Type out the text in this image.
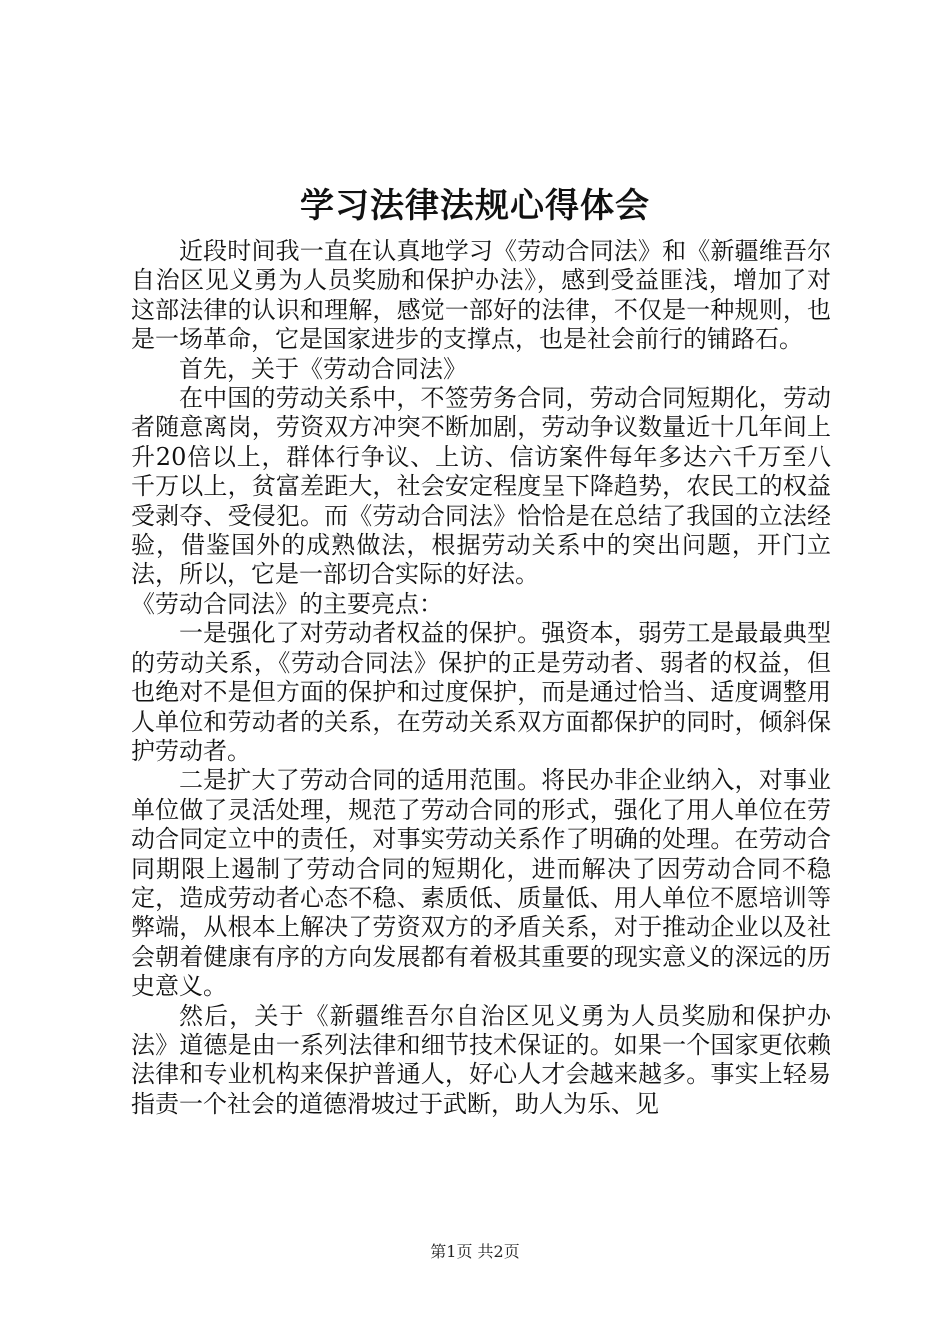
学习法律法规心得体会

近段时间我一直在认真地学习《劳动合同法》和《新疆维吾尔自治区见义勇为人员奖励和保护办法》，感到受益匪浅，增加了对这部法律的认识和理解，感觉一部好的法律，不仅是一种规则，也是一场革命，它是国家进步的支撑点，也是社会前行的铺路石。

首先，关于《劳动合同法》

在中国的劳动关系中，不签劳务合同，劳动合同短期化，劳动者随意离岗，劳资双方冲突不断加剧，劳动争议数量近十几年间上升20倍以上，群体行争议、上访、信访案件每年多达六千万至八千万以上，贫富差距大，社会安定程度呈下降趋势，农民工的权益受剥夺、受侵犯。而《劳动合同法》恰恰是在总结了我国的立法经验，借鉴国外的成熟做法，根据劳动关系中的突出问题，开门立法，所以，它是一部切合实际的好法。

《劳动合同法》的主要亮点：

一是强化了对劳动者权益的保护。强资本，弱劳工是最最典型的劳动关系，《劳动合同法》保护的正是劳动者、弱者的权益，但也绝对不是但方面的保护和过度保护，而是通过恰当、适度调整用人单位和劳动者的关系，在劳动关系双方面都保护的同时，倾斜保护劳动者。

二是扩大了劳动合同的适用范围。将民办非企业纳入，对事业单位做了灵活处理，规范了劳动合同的形式，强化了用人单位在劳动合同定立中的责任，对事实劳动关系作了明确的处理。在劳动合同期限上遏制了劳动合同的短期化，进而解决了因劳动合同不稳定，造成劳动者心态不稳、素质低、质量低、用人单位不愿培训等弊端，从根本上解决了劳资双方的矛盾关系，对于推动企业以及社会朝着健康有序的方向发展都有着极其重要的现实意义的深远的历史意义。

然后，关于《新疆维吾尔自治区见义勇为人员奖励和保护办法》道德是由一系列法律和细节技术保证的。如果一个国家更依赖法律和专业机构来保护普通人，好心人才会越来越多。事实上轻易指责一个社会的道德滑坡过于武断，助人为乐、见

第1页 共2页
